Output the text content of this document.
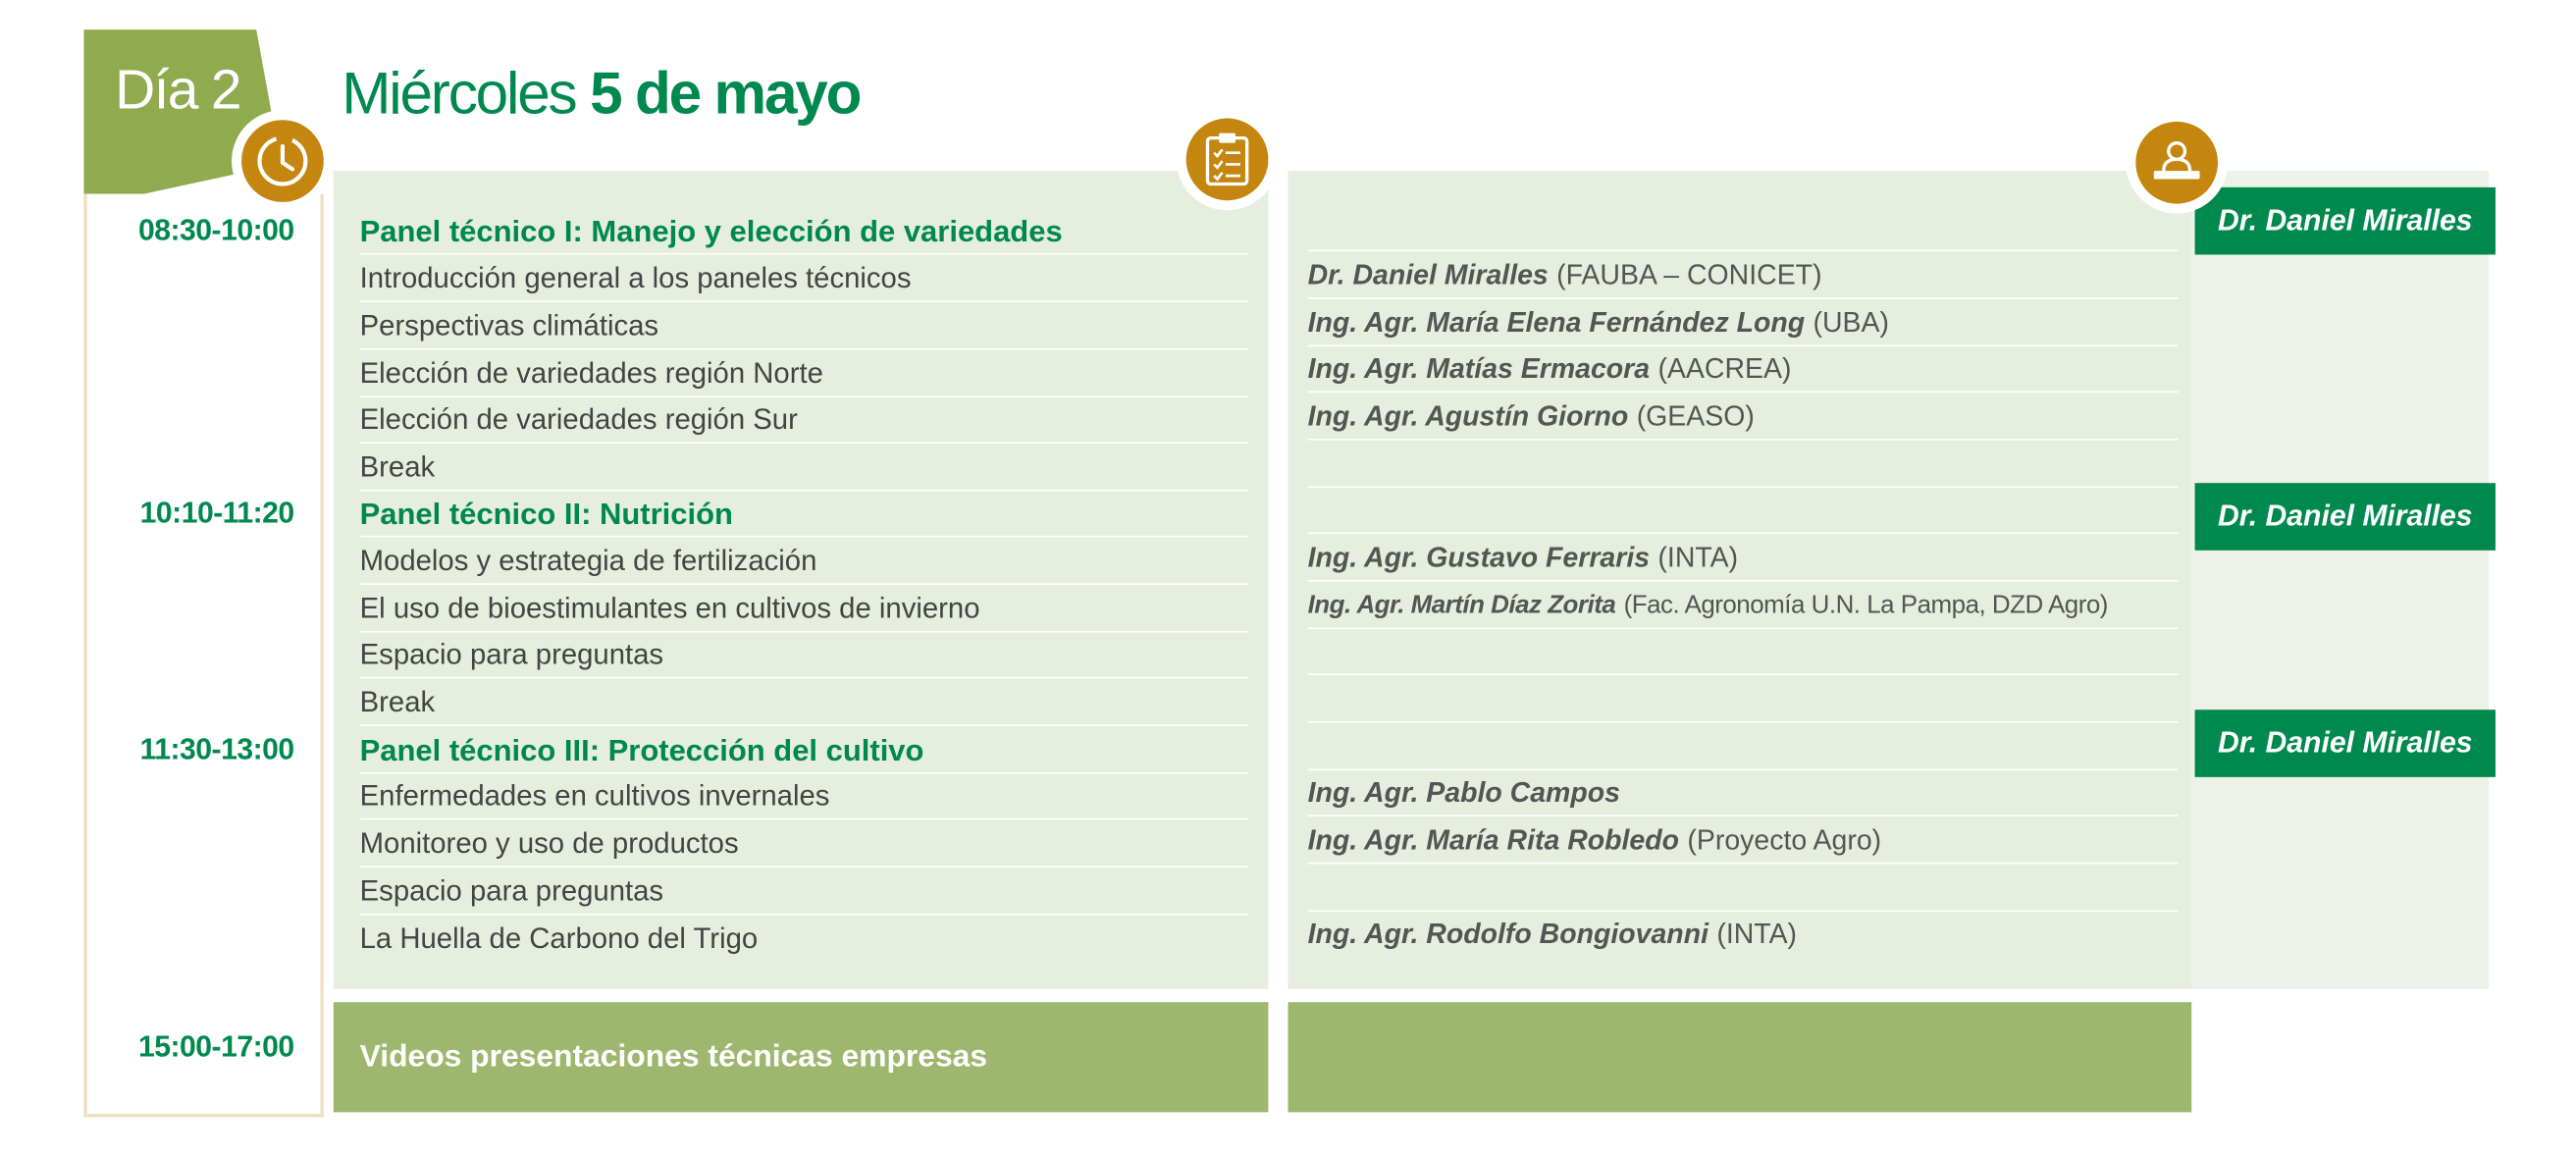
Día 2	Miércoles 5 de mayo
08:30-10:00
10:10-11:20
11:30-13:00
15:00-17:00
Panel técnico I: Manejo y elección de variedades
Introducción general a los paneles técnicos
Perspectivas climáticas
Elección de variedades región Norte
Elección de variedades región Sur
Break
Panel técnico II: Nutrición
Modelos y estrategia de fertilización
El uso de bioestimulantes en cultivos de invierno
Espacio para preguntas
Break
Panel técnico III: Protección del cultivo
Enfermedades en cultivos invernales
Monitoreo y uso de productos
Espacio para preguntas
La Huella de Carbono del Trigo
Dr. Daniel Miralles (FAUBA – CONICET)
Ing. Agr. María Elena Fernández Long (UBA)
Ing. Agr. Matías Ermacora (AACREA)
Ing. Agr. Agustín Giorno (GEASO)
Ing. Agr. Gustavo Ferraris (INTA)
Ing. Agr. Martín Díaz Zorita (Fac. Agronomía U.N. La Pampa, DZD Agro)
Ing. Agr. Pablo Campos
Ing. Agr. María Rita Robledo (Proyecto Agro)
Ing. Agr. Rodolfo Bongiovanni (INTA)
Dr. Daniel Miralles
Dr. Daniel Miralles
Dr. Daniel Miralles
Videos presentaciones técnicas empresas
